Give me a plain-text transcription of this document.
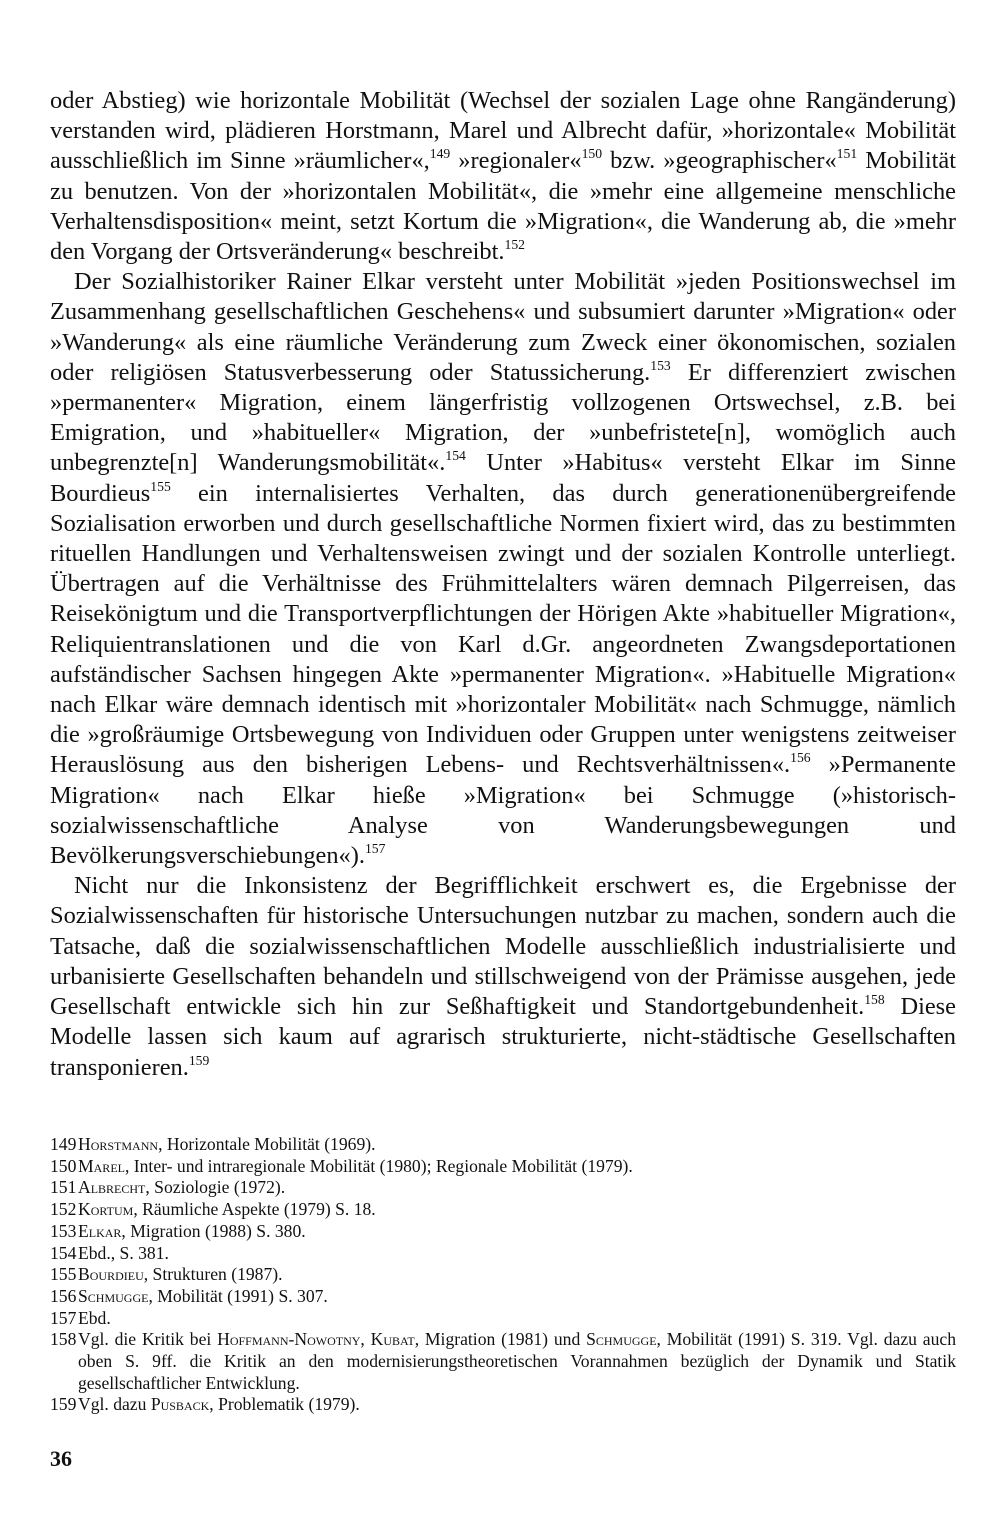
oder Abstieg) wie horizontale Mobilität (Wechsel der sozialen Lage ohne Rangänderung) verstanden wird, plädieren Horstmann, Marel und Albrecht dafür, »horizontale« Mobilität ausschließlich im Sinne »räumlicher«,$^{149}$ »regionaler«$^{150}$ bzw. »geographischer«$^{151}$ Mobilität zu benutzen. Von der »horizontalen Mobilität«, die »mehr eine allgemeine menschliche Verhaltensdisposition« meint, setzt Kortum die »Migration«, die Wanderung ab, die »mehr den Vorgang der Ortsveränderung« beschreibt.$^{152}$

Der Sozialhistoriker Rainer Elkar versteht unter Mobilität »jeden Positionswechsel im Zusammenhang gesellschaftlichen Geschehens« und subsumiert darunter »Migration« oder »Wanderung« als eine räumliche Veränderung zum Zweck einer ökonomischen, sozialen oder religiösen Statusverbesserung oder Statussicherung.$^{153}$ Er differenziert zwischen »permanenter« Migration, einem längerfristig vollzogenen Ortswechsel, z.B. bei Emigration, und »habitueller« Migration, der »unbefristete[n], womöglich auch unbegrenzte[n] Wanderungsmobilität«.$^{154}$ Unter »Habitus« versteht Elkar im Sinne Bourdieus$^{155}$ ein internalisiertes Verhalten, das durch generationenübergreifende Sozialisation erworben und durch gesellschaftliche Normen fixiert wird, das zu bestimmten rituellen Handlungen und Verhaltensweisen zwingt und der sozialen Kontrolle unterliegt. Übertragen auf die Verhältnisse des Frühmittelalters wären demnach Pilgerreisen, das Reisekönigtum und die Transportverpflichtungen der Hörigen Akte »habitueller Migration«, Reliquientranslationen und die von Karl d.Gr. angeordneten Zwangsdeportationen aufständischer Sachsen hingegen Akte »permanenter Migration«. »Habituelle Migration« nach Elkar wäre demnach identisch mit »horizontaler Mobilität« nach Schmugge, nämlich die »großräumige Ortsbewegung von Individuen oder Gruppen unter wenigstens zeitweiser Herauslösung aus den bisherigen Lebens- und Rechtsverhältnissen«.$^{156}$ »Permanente Migration« nach Elkar hieße »Migration« bei Schmugge (»historisch-sozialwissenschaftliche Analyse von Wanderungsbewegungen und Bevölkerungsverschiebungen«).$^{157}$

Nicht nur die Inkonsistenz der Begrifflichkeit erschwert es, die Ergebnisse der Sozialwissenschaften für historische Untersuchungen nutzbar zu machen, sondern auch die Tatsache, daß die sozialwissenschaftlichen Modelle ausschließlich industrialisierte und urbanisierte Gesellschaften behandeln und stillschweigend von der Prämisse ausgehen, jede Gesellschaft entwickle sich hin zur Seßhaftigkeit und Standortgebundenheit.$^{158}$ Diese Modelle lassen sich kaum auf agrarisch strukturierte, nicht-städtische Gesellschaften transponieren.$^{159}$

149 Horstmann, Horizontale Mobilität (1969).
150 Marel, Inter- und intraregionale Mobilität (1980); Regionale Mobilität (1979).
151 Albrecht, Soziologie (1972).
152 Kortum, Räumliche Aspekte (1979) S. 18.
153 Elkar, Migration (1988) S. 380.
154 Ebd., S. 381.
155 Bourdieu, Strukturen (1987).
156 Schmugge, Mobilität (1991) S. 307.
157 Ebd.
158 Vgl. die Kritik bei Hoffmann-Nowotny, Kubat, Migration (1981) und Schmugge, Mobilität (1991) S. 319. Vgl. dazu auch oben S. 9ff. die Kritik an den modernisierungstheoretischen Vorannahmen bezüglich der Dynamik und Statik gesellschaftlicher Entwicklung.
159 Vgl. dazu Pusback, Problematik (1979).
36
